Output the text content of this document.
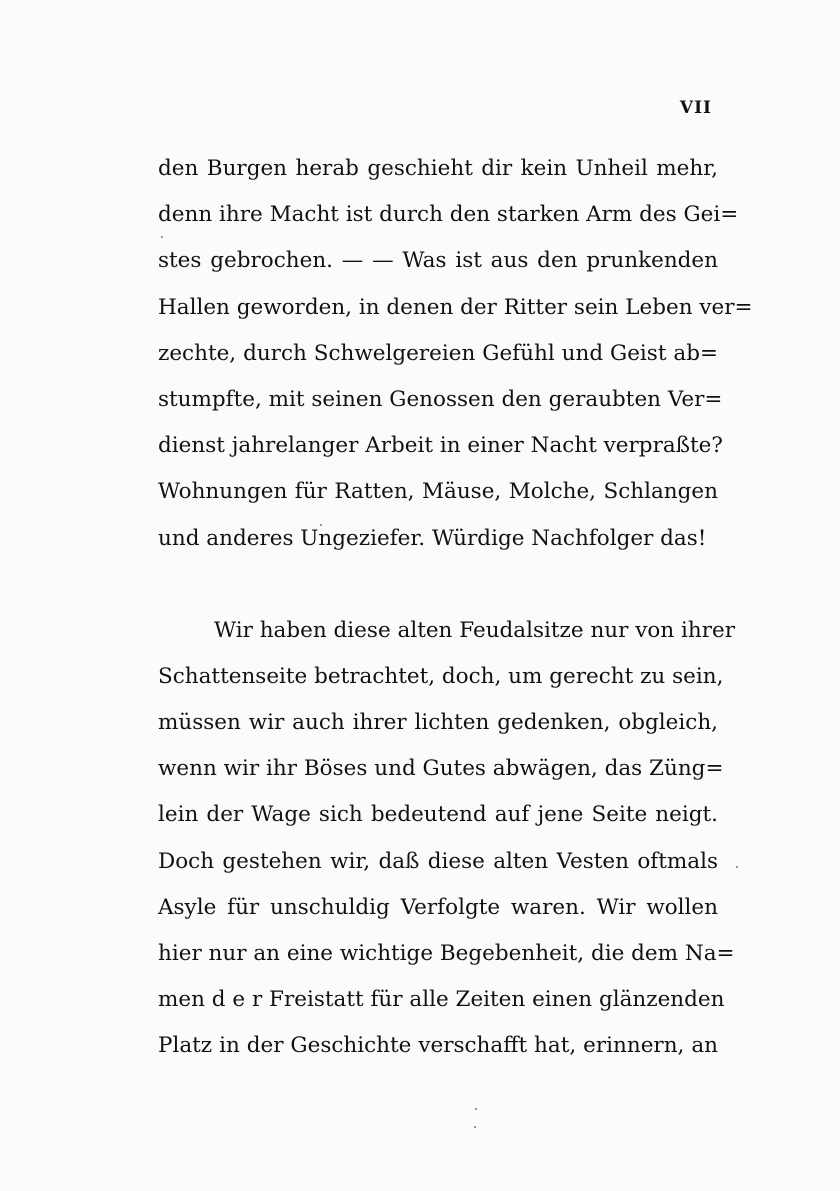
VII
den Burgen herab geschieht dir kein Unheil mehr,
denn ihre Macht ist durch den starken Arm des Gei=
stes gebrochen. — — Was ist aus den prunkenden
Hallen geworden, in denen der Ritter sein Leben ver=
zechte, durch Schwelgereien Gefühl und Geist ab=
stumpfte, mit seinen Genossen den geraubten Ver=
dienst jahrelanger Arbeit in einer Nacht verpraßte?
Wohnungen für Ratten, Mäuse, Molche, Schlangen
und anderes Ungeziefer. Würdige Nachfolger das!
Wir haben diese alten Feudalsitze nur von ihrer
Schattenseite betrachtet, doch, um gerecht zu sein,
müssen wir auch ihrer lichten gedenken, obgleich,
wenn wir ihr Böses und Gutes abwägen, das Züng=
lein der Wage sich bedeutend auf jene Seite neigt.
Doch gestehen wir, daß diese alten Vesten oftmals
Asyle für unschuldig Verfolgte waren. Wir wollen
hier nur an eine wichtige Begebenheit, die dem Na=
men d e r Freistatt für alle Zeiten einen glänzenden
Platz in der Geschichte verschafft hat, erinnern, an
